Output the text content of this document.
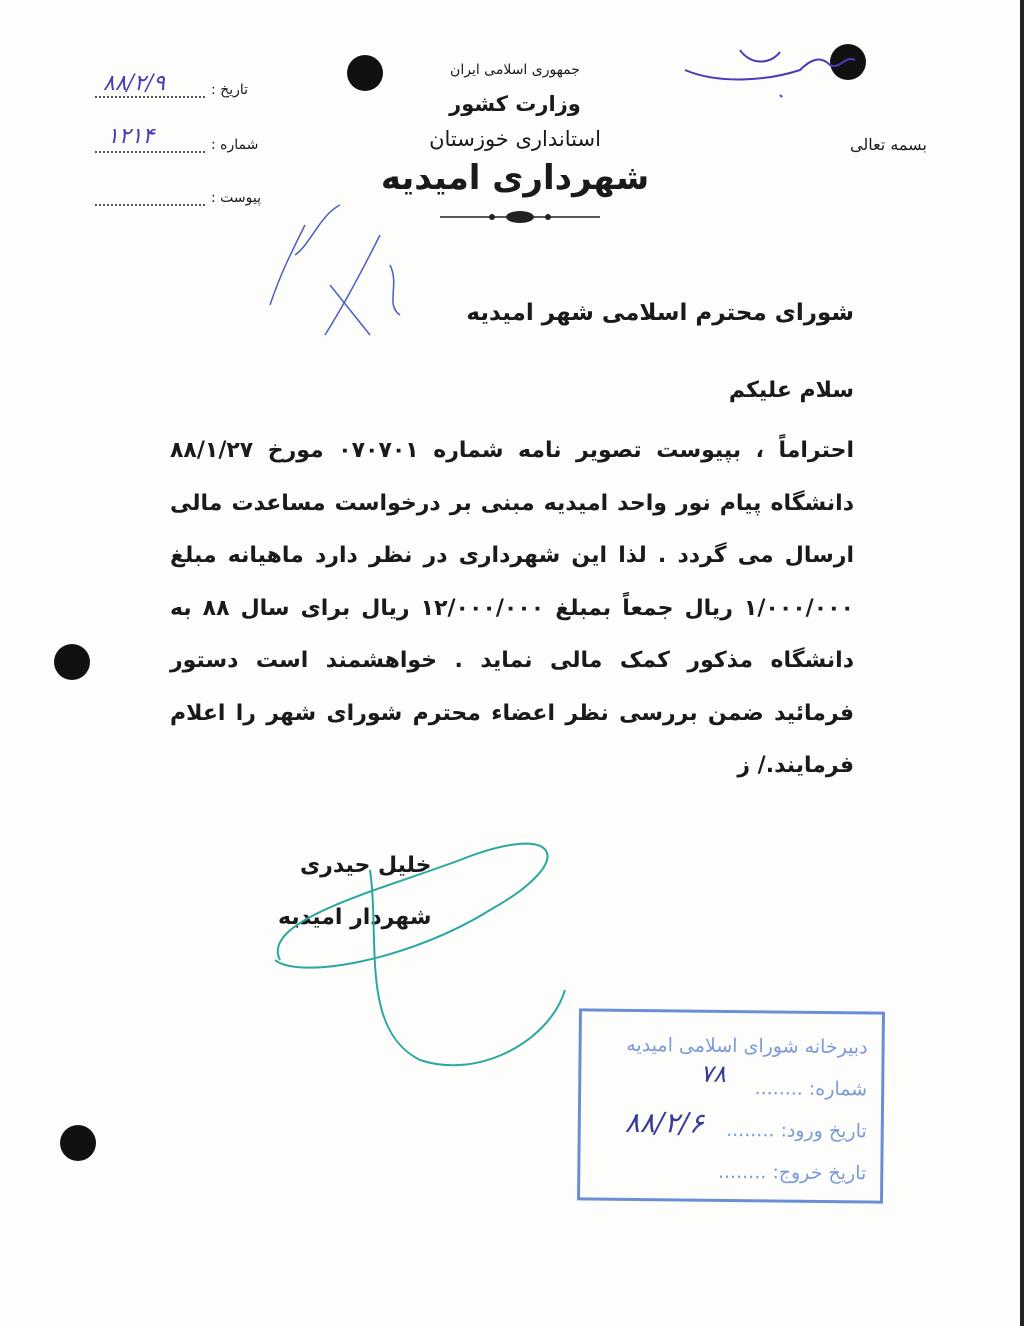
جمهوری اسلامی ایران
وزارت کشور
استانداری خوزستان
شهرداری امیدیه
بسمه تعالی
تاریخ :
۸۸/۲/۹
شماره :
۱۲۱۴
پیوست :
شورای محترم اسلامی شهر امیدیه
سلام علیکم
احتراماً ، بپیوست تصویر نامه شماره ۰۷۰۷۰۱ مورخ ۸۸/۱/۲۷ دانشگاه پیام نور واحد امیدیه مبنی بر درخواست مساعدت مالی ارسال می گردد . لذا این شهرداری در نظر دارد ماهیانه مبلغ ۱/۰۰۰/۰۰۰ ریال جمعاً بمبلغ ۱۲/۰۰۰/۰۰۰ ریال برای سال ۸۸ به دانشگاه مذکور کمک مالی نماید . خواهشمند است دستور فرمائید ضمن بررسی نظر اعضاء محترم شورای شهر را اعلام فرمایند./ ز
خلیل حیدری
شهردار امیدیه
دبیرخانه شورای اسلامی امیدیه
شماره: ........
۷۸
تاریخ ورود: ........
۸۸/۲/۶
تاریخ خروج: ........
